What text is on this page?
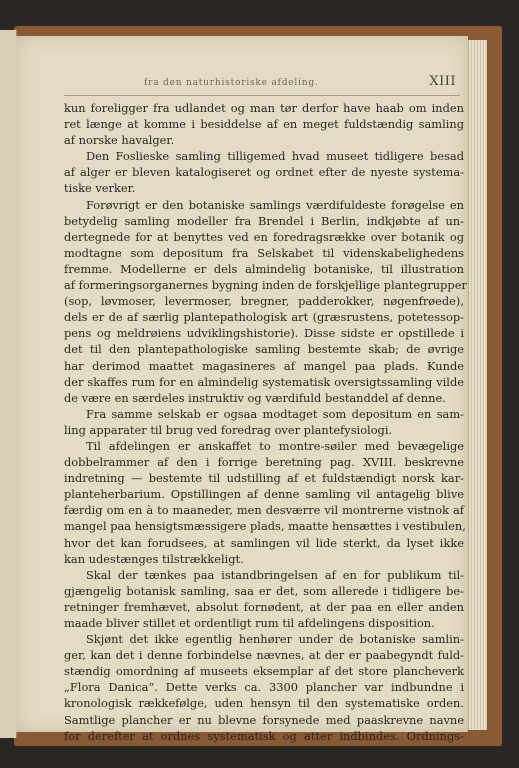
fra den naturhistoriske afdeling.	XIII
kun foreligger fra udlandet og man tør derfor have haab om inden
ret længe at komme i besiddelse af en meget fuldstændig samling
af norske havalger.
Den Foslieske samling tilligemed hvad museet tidligere besad
af alger er bleven katalogiseret og ordnet efter de nyeste systema-
tiske verker.
Forøvrigt er den botaniske samlings værdifuldeste forøgelse en
betydelig samling modeller fra Brendel i Berlin, indkjøbte af un-
dertegnede for at benyttes ved en foredragsrække over botanik og
modtagne som depositum fra Selskabet til videnskabelighedens
fremme. Modellerne er dels almindelig botaniske, til illustration
af formeringsorganernes bygning inden de forskjellige plantegrupper
(sop, løvmoser, levermoser, bregner, padderokker, nøgenfrøede),
dels er de af særlig plantepathologisk art (græsrustens, potetessop-
pens og meldrøiens udviklingshistorie). Disse sidste er opstillede i
det til den plantepathologiske samling bestemte skab; de øvrige
har derimod maattet magasineres af mangel paa plads. Kunde
der skaffes rum for en almindelig systematisk oversigtssamling vilde
de være en særdeles instruktiv og værdifuld bestanddel af denne.
Fra samme selskab er ogsaa modtaget som depositum en sam-
ling apparater til brug ved foredrag over plantefysiologi.
Til afdelingen er anskaffet to montre-søiler med bevægelige
dobbelrammer af den i forrige beretning pag. XVIII. beskrevne
indretning — bestemte til udstilling af et fuldstændigt norsk kar-
planteherbarium. Opstillingen af denne samling vil antagelig blive
færdig om en à to maaneder, men desværre vil montrerne vistnok af
mangel paa hensigtsmæssigere plads, maatte hensættes i vestibulen,
hvor det kan forudsees, at samlingen vil lide sterkt, da lyset ikke
kan udestænges tilstrækkeligt.
Skal der tænkes paa istandbringelsen af en for publikum til-
gjængelig botanisk samling, saa er det, som allerede i tidligere be-
retninger fremhævet, absolut fornødent, at der paa en eller anden
maade bliver stillet et ordentligt rum til afdelingens disposition.
Skjønt det ikke egentlig henhører under de botaniske samlin-
ger, kan det i denne forbindelse nævnes, at der er paabegyndt fuld-
stændig omordning af museets eksemplar af det store plancheverk
„Flora Danica“. Dette verks ca. 3300 plancher var indbundne i
kronologisk rækkefølge, uden hensyn til den systematiske orden.
Samtlige plancher er nu blevne forsynede med paaskrevne navne
for derefter at ordnes systematisk og atter indbindes. Ordnings-
